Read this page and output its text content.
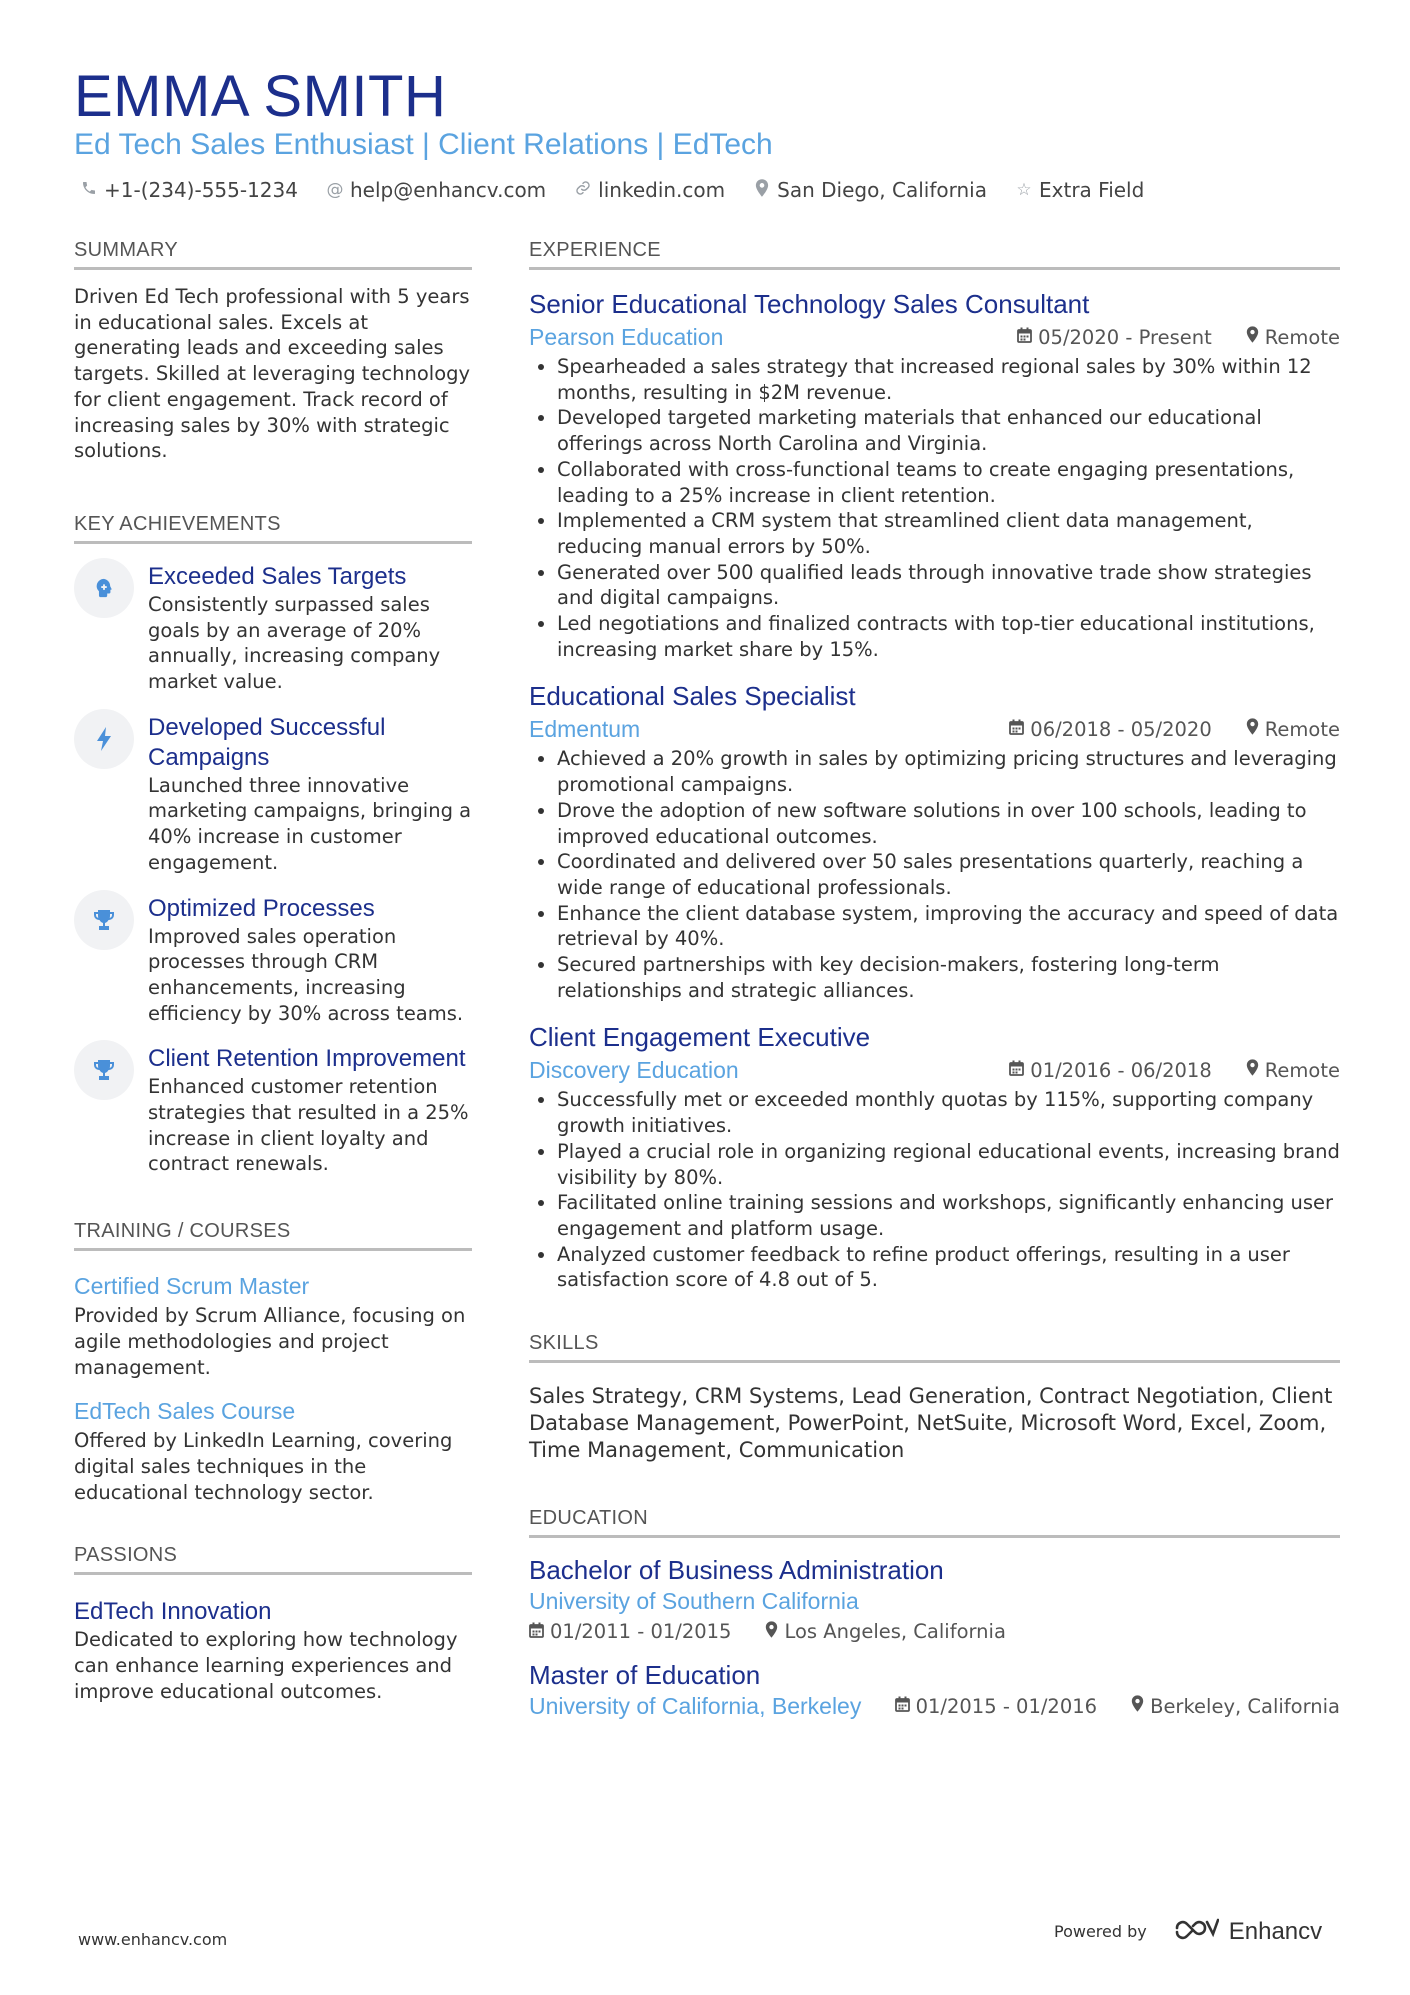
EMMA SMITH
Ed Tech Sales Enthusiast | Client Relations | EdTech
+1-(234)-555-1234 @ help@enhancv.com	linkedin.com	San Diego, California ☆ Extra Field
SUMMARY
Driven Ed Tech professional with 5 years in educational sales. Excels at generating leads and exceeding sales targets. Skilled at leveraging technology for client engagement. Track record of increasing sales by 30% with strategic solutions.
KEY ACHIEVEMENTS
Exceeded Sales Targets
Consistently surpassed sales goals by an average of 20% annually, increasing company market value.
Developed Successful Campaigns
Launched three innovative marketing campaigns, bringing a 40% increase in customer engagement.
Optimized Processes
Improved sales operation processes through CRM enhancements, increasing efficiency by 30% across teams.
Client Retention Improvement
Enhanced customer retention strategies that resulted in a 25% increase in client loyalty and contract renewals.
TRAINING / COURSES
Certified Scrum Master
Provided by Scrum Alliance, focusing on agile methodologies and project management.
EdTech Sales Course
Offered by LinkedIn Learning, covering digital sales techniques in the educational technology sector.
PASSIONS
EdTech Innovation
Dedicated to exploring how technology can enhance learning experiences and improve educational outcomes.
EXPERIENCE
Senior Educational Technology Sales Consultant
Pearson Education	05/2020 - Present	Remote
• Spearheaded a sales strategy that increased regional sales by 30% within 12 months, resulting in $2M revenue.
• Developed targeted marketing materials that enhanced our educational offerings across North Carolina and Virginia.
• Collaborated with cross-functional teams to create engaging presentations, leading to a 25% increase in client retention.
• Implemented a CRM system that streamlined client data management, reducing manual errors by 50%.
• Generated over 500 qualified leads through innovative trade show strategies and digital campaigns.
• Led negotiations and finalized contracts with top-tier educational institutions, increasing market share by 15%.
Educational Sales Specialist
Edmentum	06/2018 - 05/2020	Remote
• Achieved a 20% growth in sales by optimizing pricing structures and leveraging promotional campaigns.
• Drove the adoption of new software solutions in over 100 schools, leading to improved educational outcomes.
• Coordinated and delivered over 50 sales presentations quarterly, reaching a wide range of educational professionals.
• Enhance the client database system, improving the accuracy and speed of data retrieval by 40%.
• Secured partnerships with key decision-makers, fostering long-term relationships and strategic alliances.
Client Engagement Executive
Discovery Education	01/2016 - 06/2018	Remote
• Successfully met or exceeded monthly quotas by 115%, supporting company growth initiatives.
• Played a crucial role in organizing regional educational events, increasing brand visibility by 80%.
• Facilitated online training sessions and workshops, significantly enhancing user engagement and platform usage.
• Analyzed customer feedback to refine product offerings, resulting in a user satisfaction score of 4.8 out of 5.
SKILLS
Sales Strategy, CRM Systems, Lead Generation, Contract Negotiation, Client Database Management, PowerPoint, NetSuite, Microsoft Word, Excel, Zoom, Time Management, Communication
EDUCATION
Bachelor of Business Administration
University of Southern California
01/2011 - 01/2015	Los Angeles, California
Master of Education
University of California, Berkeley	01/2015 - 01/2016	Berkeley, California
www.enhancv.com	Powered by	Enhancv
